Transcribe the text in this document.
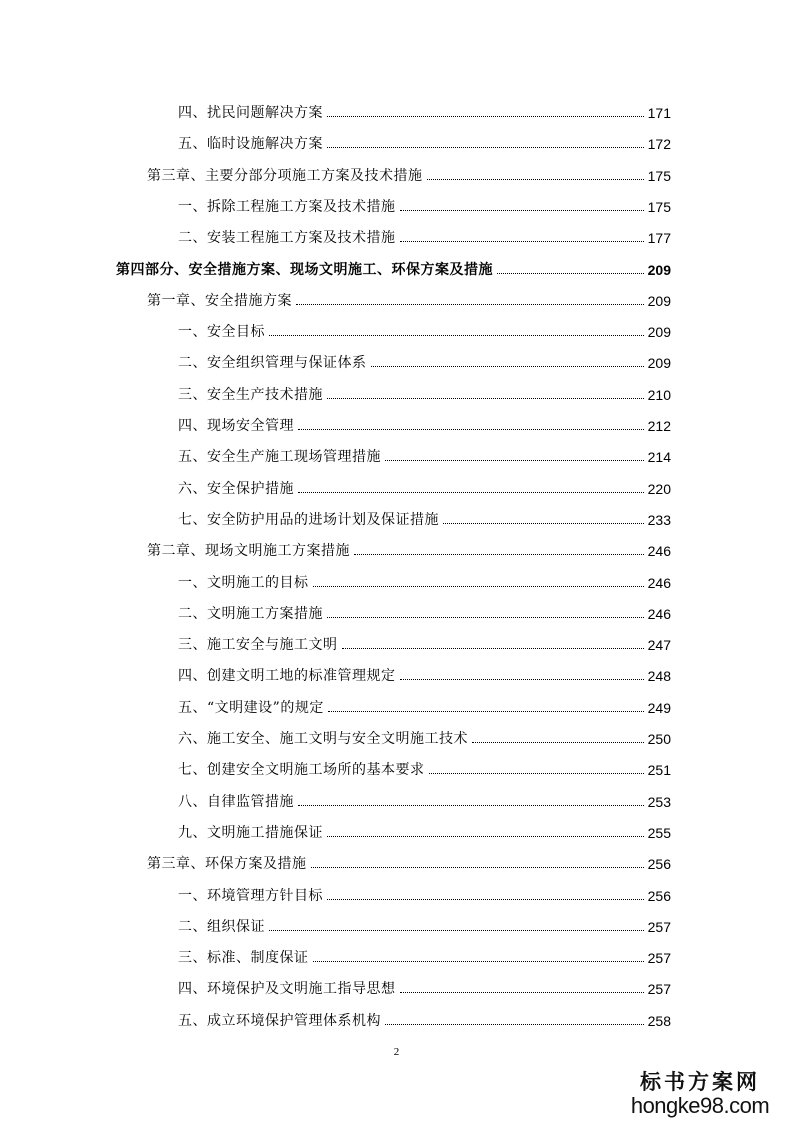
四、扰民问题解决方案	171
五、临时设施解决方案	172
第三章、主要分部分项施工方案及技术措施	175
一、拆除工程施工方案及技术措施	175
二、安装工程施工方案及技术措施	177
第四部分、安全措施方案、现场文明施工、环保方案及措施	209
第一章、安全措施方案	209
一、安全目标	209
二、安全组织管理与保证体系	209
三、安全生产技术措施	210
四、现场安全管理	212
五、安全生产施工现场管理措施	214
六、安全保护措施	220
七、安全防护用品的进场计划及保证措施	233
第二章、现场文明施工方案措施	246
一、文明施工的目标	246
二、文明施工方案措施	246
三、施工安全与施工文明	247
四、创建文明工地的标准管理规定	248
五、“文明建设”的规定	249
六、施工安全、施工文明与安全文明施工技术	250
七、创建安全文明施工场所的基本要求	251
八、自律监管措施	253
九、文明施工措施保证	255
第三章、环保方案及措施	256
一、环境管理方针目标	256
二、组织保证	257
三、标准、制度保证	257
四、环境保护及文明施工指导思想	257
五、成立环境保护管理体系机构	258
2
标书方案网
hongke98.com
